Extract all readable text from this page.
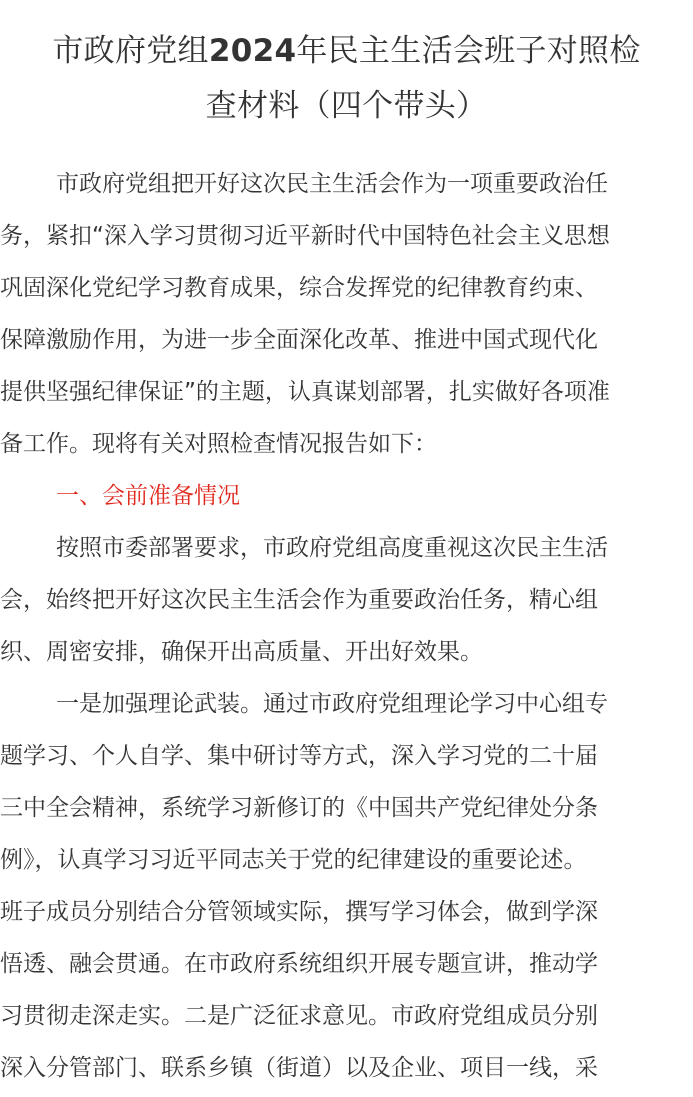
市政府党组2024年民主生活会班子对照检
查材料（四个带头）
市政府党组把开好这次民主生活会作为一项重要政治任
务，紧扣“深入学习贯彻习近平新时代中国特色社会主义思想
巩固深化党纪学习教育成果，综合发挥党的纪律教育约束、
保障激励作用，为进一步全面深化改革、推进中国式现代化
提供坚强纪律保证”的主题，认真谋划部署，扎实做好各项准
备工作。现将有关对照检查情况报告如下：
一、会前准备情况
按照市委部署要求，市政府党组高度重视这次民主生活
会，始终把开好这次民主生活会作为重要政治任务，精心组
织、周密安排，确保开出高质量、开出好效果。
一是加强理论武装。通过市政府党组理论学习中心组专
题学习、个人自学、集中研讨等方式，深入学习党的二十届
三中全会精神，系统学习新修订的《中国共产党纪律处分条
例》，认真学习习近平同志关于党的纪律建设的重要论述。
班子成员分别结合分管领域实际，撰写学习体会，做到学深
悟透、融会贯通。在市政府系统组织开展专题宣讲，推动学
习贯彻走深走实。二是广泛征求意见。市政府党组成员分别
深入分管部门、联系乡镇（街道）以及企业、项目一线，采
